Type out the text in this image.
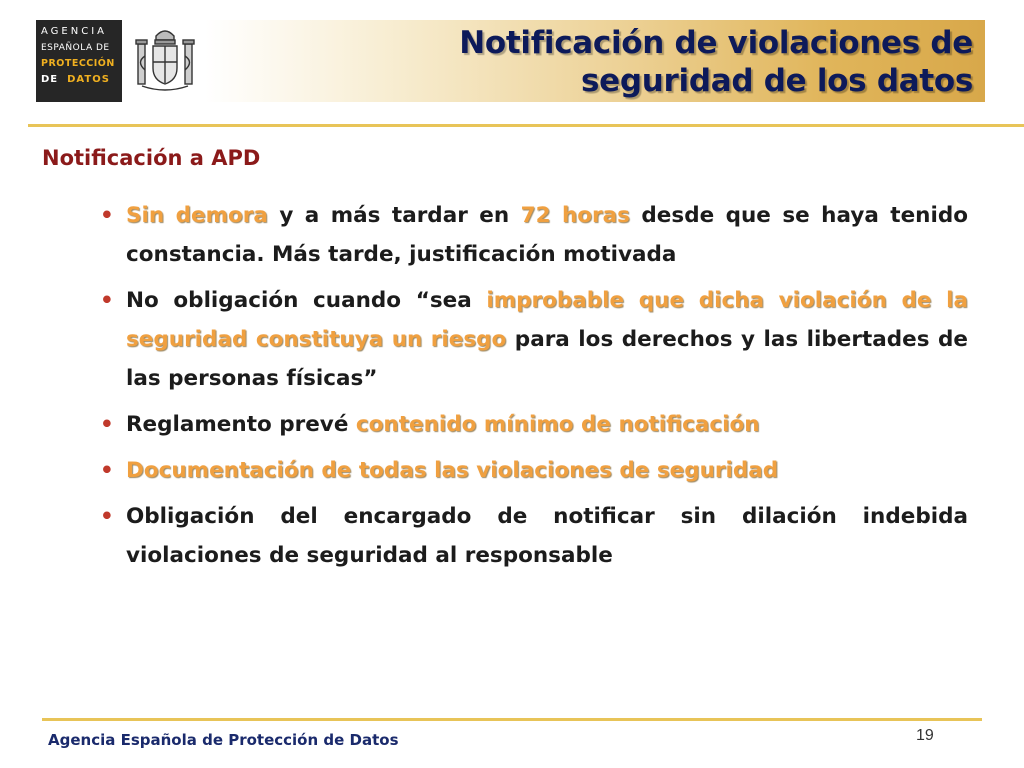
AGENCIA
ESPAÑOLA DE
PROTECCIÓN
DE DATOS
Notificación de violaciones de seguridad de los datos
Notificación a APD
• Sin demora y a más tardar en 72 horas desde que se haya tenido constancia. Más tarde, justificación motivada
• No obligación cuando “sea improbable que dicha violación de la seguridad constituya un riesgo para los derechos y las libertades de las personas físicas”
• Reglamento prevé contenido mínimo de notificación
• Documentación de todas las violaciones de seguridad
• Obligación del encargado de notificar sin dilación indebida violaciones de seguridad al responsable
19
Agencia Española de Protección de Datos
